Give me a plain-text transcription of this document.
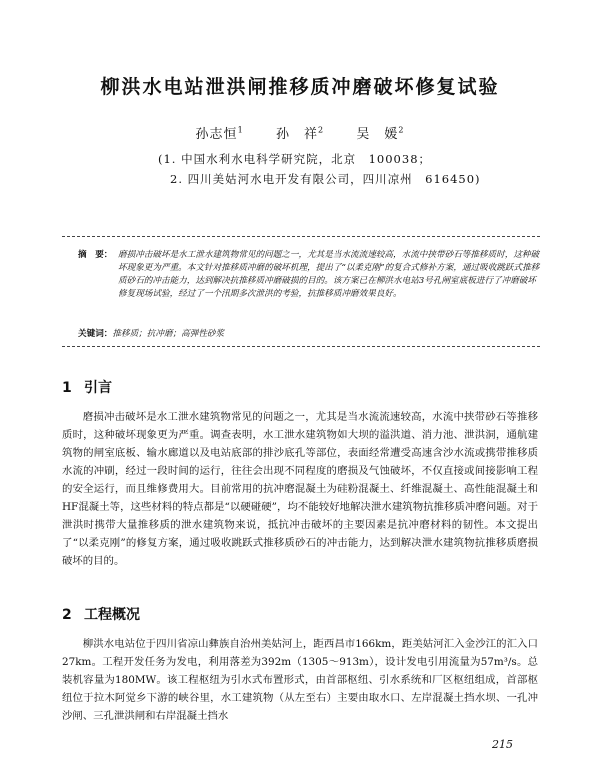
柳洪水电站泄洪闸推移质冲磨破坏修复试验
孙志恒$^1$ 孙　祥$^2$ 吴　媛$^2$
(1. 中国水利水电科学研究院，北京　100038；
2. 四川美姑河水电开发有限公司，四川凉州　616450)
摘　要： 磨损冲击破坏是水工泄水建筑物常见的问题之一，尤其是当水流流速较高，水流中挟带砂石等推移质时，这种破坏现象更为严重。本文针对推移质冲磨的破坏机理，提出了“以柔克刚”的复合式修补方案，通过吸收跳跃式推移质砂石的冲击能力，达到解决抗推移质冲磨破损的目的。该方案已在柳洪水电站3号孔闸室底板进行了冲磨破坏修复现场试验，经过了一个汛期多次泄洪的考验，抗推移质冲磨效果良好。
关键词：推移质；抗冲磨；高弹性砂浆
1 引言
磨损冲击破坏是水工泄水建筑物常见的问题之一，尤其是当水流流速较高，水流中挟带砂石等推移质时，这种破坏现象更为严重。调查表明，水工泄水建筑物如大坝的溢洪道、消力池、泄洪洞，通航建筑物的闸室底板、输水廊道以及电站底部的排沙底孔等部位，表面经常遭受高速含沙水流或携带推移质水流的冲刷，经过一段时间的运行，往往会出现不同程度的磨损及气蚀破坏，不仅直接或间接影响工程的安全运行，而且维修费用大。目前常用的抗冲磨混凝土为硅粉混凝土、纤维混凝土、高性能混凝土和HF混凝土等，这些材料的特点都是“以硬碰硬”，均不能较好地解决泄水建筑物抗推移质冲磨问题。对于泄洪时携带大量推移质的泄水建筑物来说，抵抗冲击破坏的主要因素是抗冲磨材料的韧性。本文提出了“以柔克刚”的修复方案，通过吸收跳跃式推移质砂石的冲击能力，达到解决泄水建筑物抗推移质磨损破坏的目的。
2 工程概况
柳洪水电站位于四川省凉山彝族自治州美姑河上，距西昌市166km，距美姑河汇入金沙江的汇入口27km。工程开发任务为发电，利用落差为392m（1305～913m），设计发电引用流量为57m³/s。总装机容量为180MW。该工程枢纽为引水式布置形式，由首部枢纽、引水系统和厂区枢纽组成，首部枢纽位于拉木阿觉乡下游的峡谷里，水工建筑物（从左至右）主要由取水口、左岸混凝土挡水坝、一孔冲沙闸、三孔泄洪闸和右岸混凝土挡水
215
